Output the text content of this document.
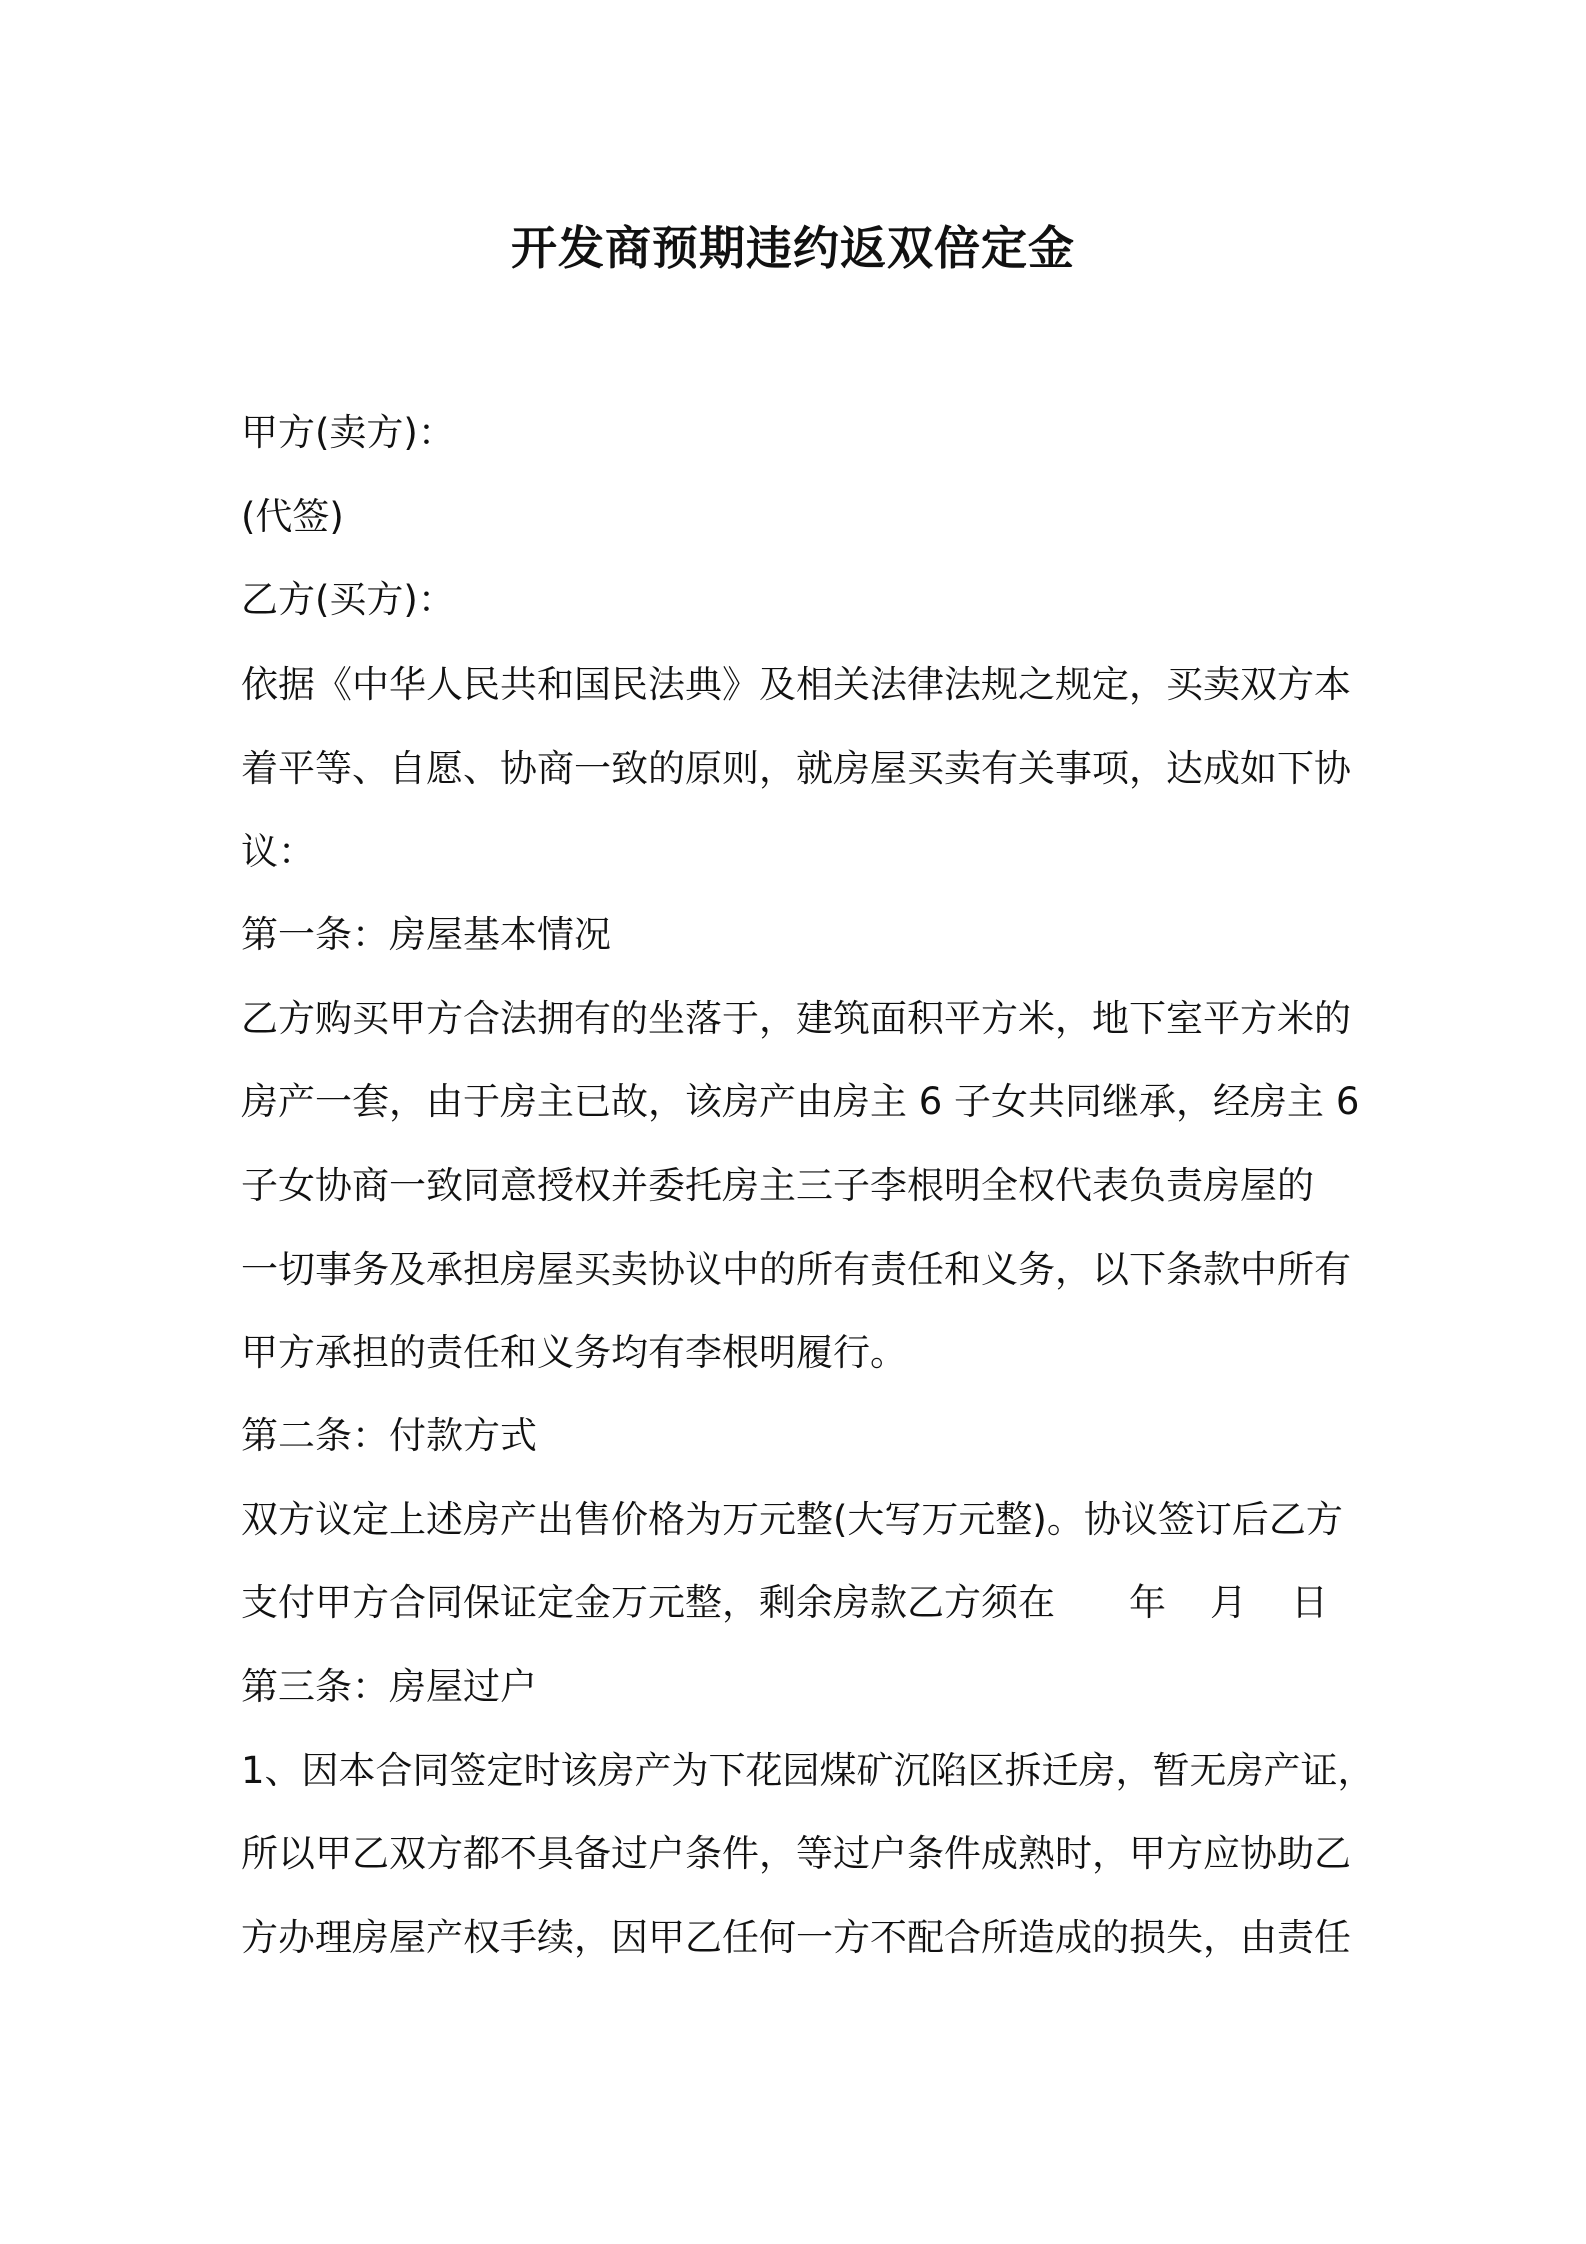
开发商预期违约返双倍定金

甲方(卖方)：

(代签)

乙方(买方)：

依据《中华人民共和国民法典》及相关法律法规之规定，买卖双方本

着平等、自愿、协商一致的原则，就房屋买卖有关事项，达成如下协

议：

第一条：房屋基本情况

乙方购买甲方合法拥有的坐落于，建筑面积平方米，地下室平方米的

房产一套，由于房主已故，该房产由房主 6 子女共同继承，经房主 6

子女协商一致同意授权并委托房主三子李根明全权代表负责房屋的

一切事务及承担房屋买卖协议中的所有责任和义务，以下条款中所有

甲方承担的责任和义务均有李根明履行。

第二条：付款方式

双方议定上述房产出售价格为万元整(大写万元整)。协议签订后乙方

支付甲方合同保证定金万元整，剩余房款乙方须在 年 月 日

第三条：房屋过户

1、因本合同签定时该房产为下花园煤矿沉陷区拆迁房，暂无房产证，

所以甲乙双方都不具备过户条件，等过户条件成熟时，甲方应协助乙

方办理房屋产权手续，因甲乙任何一方不配合所造成的损失，由责任
